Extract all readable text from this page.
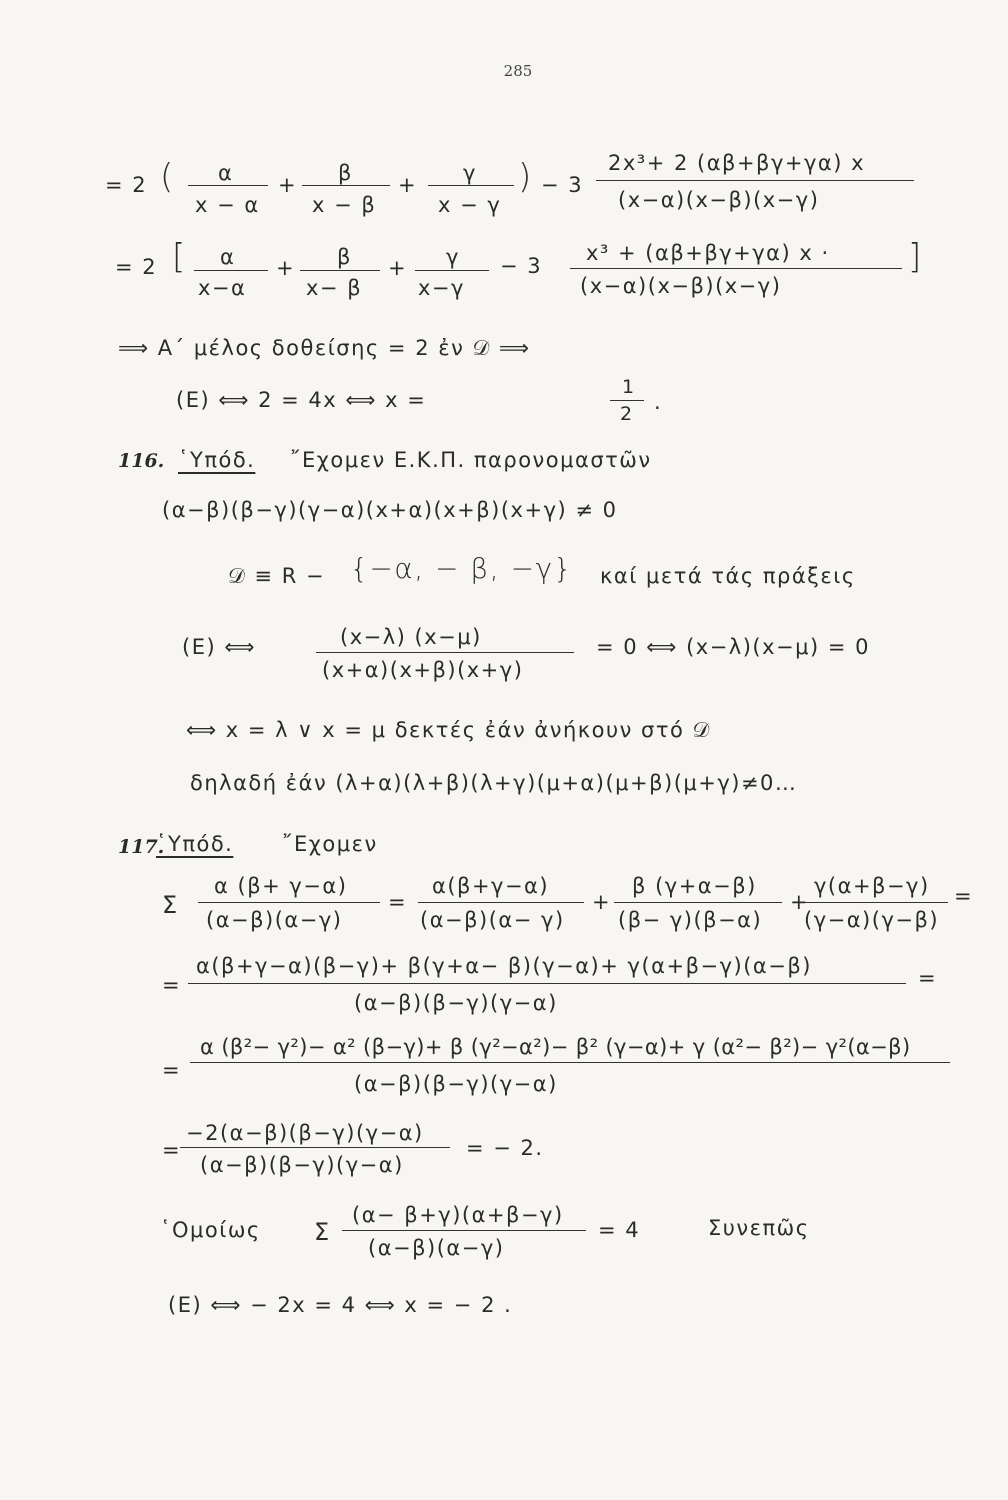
285
= 2 ( α
x − α
+ β
x − β
+ γ
x − γ
) − 3
2x³+ 2 (αβ+βγ+γα) x
(x−α)(x−β)(x−γ)
= 2 [ α
x−α
+ β
x− β
+ γ
x−γ
− 3
x³ + (αβ+βγ+γα) x ·
(x−α)(x−β)(x−γ)
]
⟹ Α΄ μέλος δοθείσης = 2 ἐν 𝒟 ⟹
(Ε) ⟺ 2 = 4x ⟺ x =
1
2 .
116. ῾Υπόδ. ῎Εχομεν Ε.Κ.Π. παρονομαστῶν
(α−β)(β−γ)(γ−α)(x+α)(x+β)(x+γ) ≠ 0
𝒟 ≡ R − {−α, − β, −γ} καί μετά τάς πράξεις
(Ε) ⟺	(x−λ) (x−μ)
(x+α)(x+β)(x+γ)
= 0 ⟺ (x−λ)(x−μ) = 0
⟺ x = λ ∨ x = μ δεκτές ἐάν ἀνήκουν στό 𝒟
δηλαδή ἐάν (λ+α)(λ+β)(λ+γ)(μ+α)(μ+β)(μ+γ)≠0…
117.
῾Υπόδ. ῎Εχομεν
Σ
α (β+ γ−α)
(α−β)(α−γ)
=
α(β+γ−α)
(α−β)(α− γ)
+
β (γ+α−β)
(β− γ)(β−α)
+
γ(α+β−γ)
(γ−α)(γ−β)
=
=
α(β+γ−α)(β−γ)+ β(γ+α− β)(γ−α)+ γ(α+β−γ)(α−β)
(α−β)(β−γ)(γ−α)
=
=
α (β²− γ²)− α² (β−γ)+ β (γ²−α²)− β² (γ−α)+ γ (α²− β²)− γ²(α−β)
(α−β)(β−γ)(γ−α)
=
−2(α−β)(β−γ)(γ−α)
(α−β)(β−γ)(γ−α)
= − 2.
῾Ομοίως Σ
(α− β+γ)(α+β−γ)
(α−β)(α−γ)
= 4	Συνεπῶς
(Ε) ⟺ − 2x = 4 ⟺ x = − 2 .
